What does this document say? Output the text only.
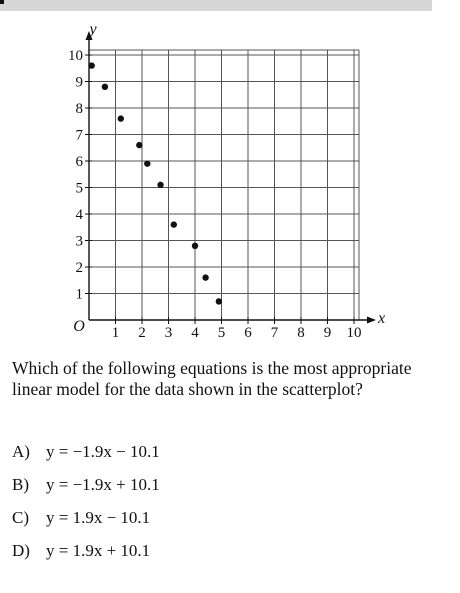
1 2 3 4 5 6 7 8 9 10
1
2
3
4
5
6
7
8
9
10
y
x
O

Which of the following equations is the most appropriate linear model for the data shown in the scatterplot?

A) y = −1.9x − 10.1
B)	y = −1.9x + 10.1
C)	y = 1.9x − 10.1
D) y = 1.9x + 10.1
